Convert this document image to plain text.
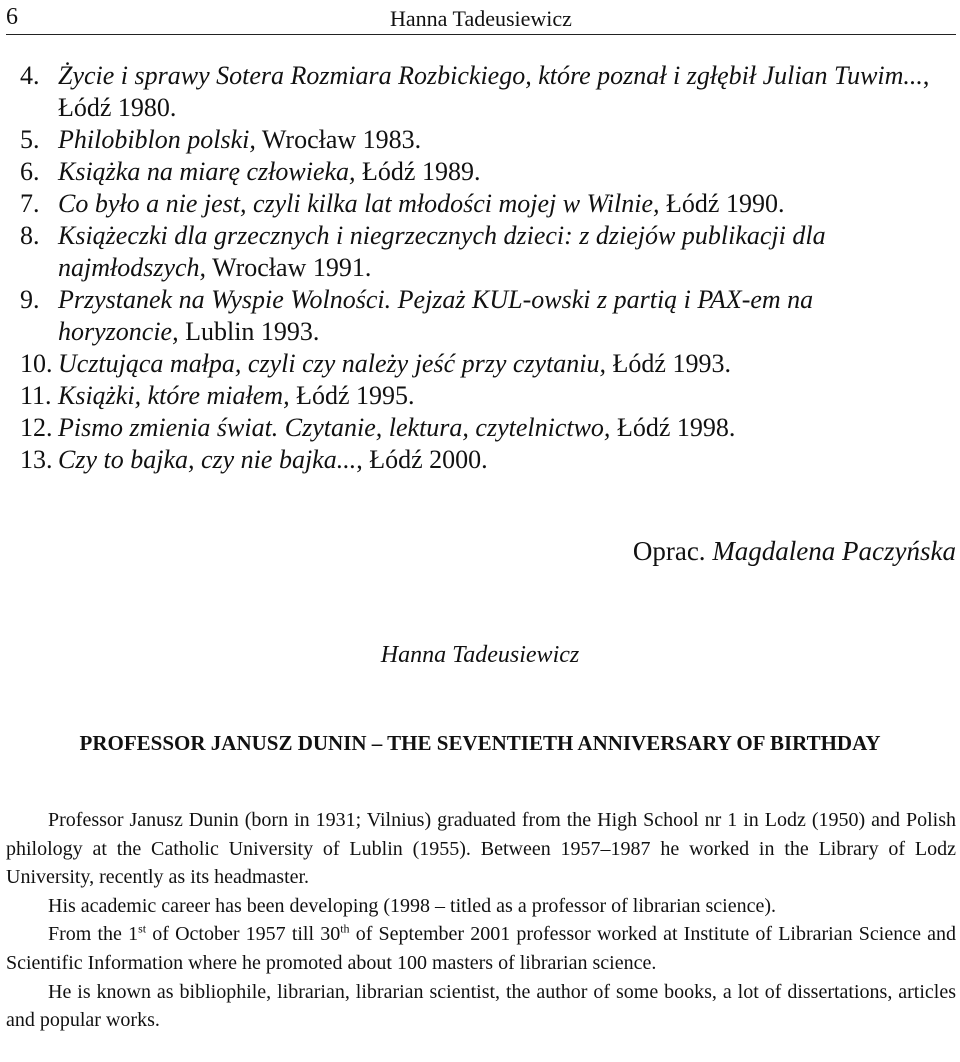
6	Hanna Tadeusiewicz
4. Życie i sprawy Sotera Rozmiara Rozbickiego, które poznał i zgłębił Julian Tuwim..., Łódź 1980.
5. Philobiblon polski, Wrocław 1983.
6. Książka na miarę człowieka, Łódź 1989.
7. Co było a nie jest, czyli kilka lat młodości mojej w Wilnie, Łódź 1990.
8. Książeczki dla grzecznych i niegrzecznych dzieci: z dziejów publikacji dla najmłodszych, Wrocław 1991.
9. Przystanek na Wyspie Wolności. Pejzaż KUL-owski z partią i PAX-em na horyzoncie, Lublin 1993.
10. Ucztująca małpa, czyli czy należy jeść przy czytaniu, Łódź 1993.
11. Książki, które miałem, Łódź 1995.
12. Pismo zmienia świat. Czytanie, lektura, czytelnictwo, Łódź 1998.
13. Czy to bajka, czy nie bajka..., Łódź 2000.
Oprac. Magdalena Paczyńska
Hanna Tadeusiewicz
PROFESSOR JANUSZ DUNIN – THE SEVENTIETH ANNIVERSARY OF BIRTHDAY

Professor Janusz Dunin (born in 1931; Vilnius) graduated from the High School nr 1 in Lodz (1950) and Polish philology at the Catholic University of Lublin (1955). Between 1957–1987 he worked in the Library of Lodz University, recently as its headmaster.

His academic career has been developing (1998 – titled as a professor of librarian science).

From the 1st of October 1957 till 30th of September 2001 professor worked at Institute of Librarian Science and Scientific Information where he promoted about 100 masters of librarian science.

He is known as bibliophile, librarian, librarian scientist, the author of some books, a lot of dissertations, articles and popular works.
